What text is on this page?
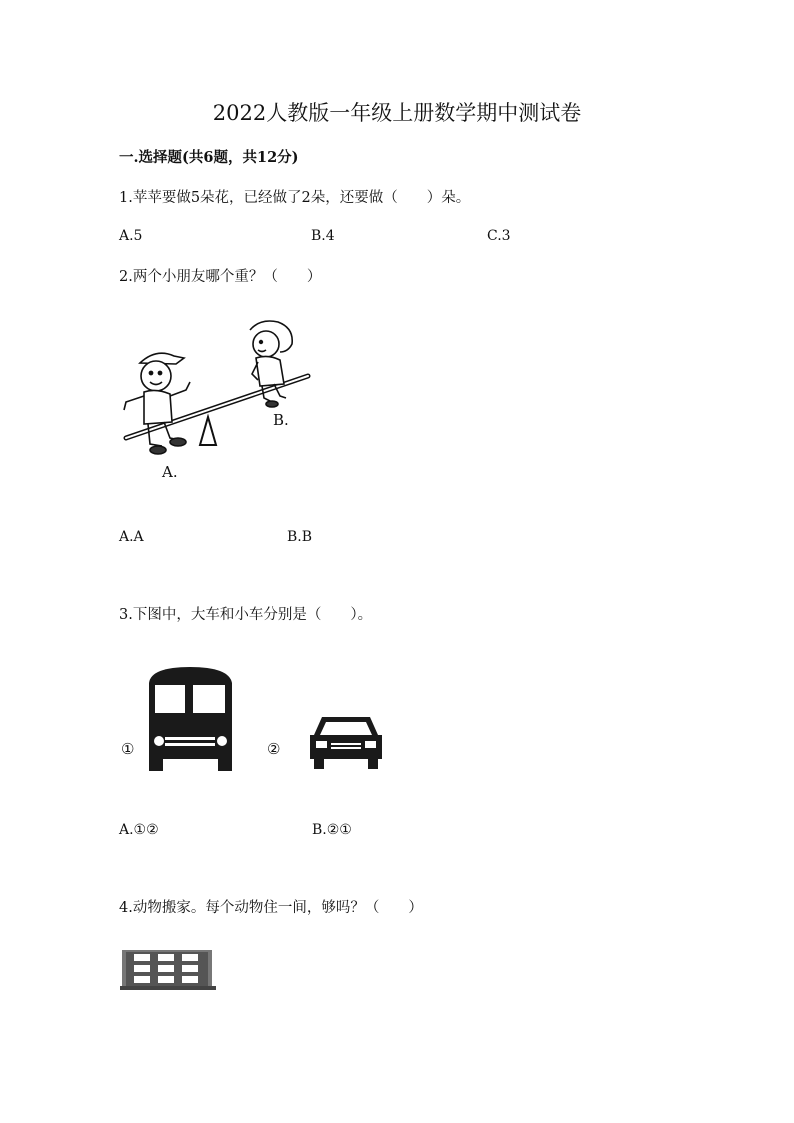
2022人教版一年级上册数学期中测试卷
一.选择题(共6题，共12分)
1.苹苹要做5朵花，已经做了2朵，还要做（　　）朵。
A.5	B.4	C.3
2.两个小朋友哪个重？（　　）
A.
B.
A.A	B.B
3.下图中，大车和小车分别是（　　）。
①	②
A.①②	B.②①
4.动物搬家。每个动物住一间，够吗？（　　）
